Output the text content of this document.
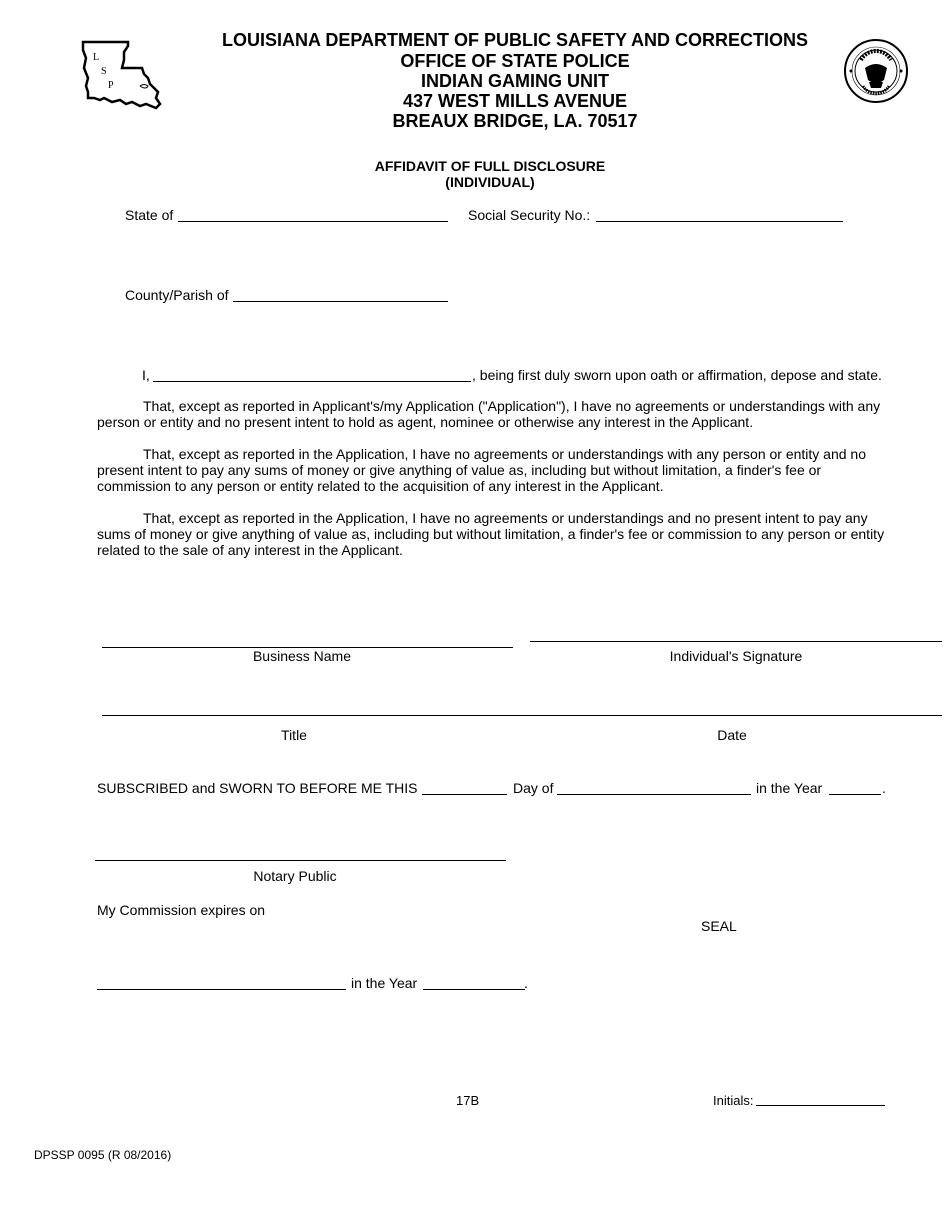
L
S
P
LOUISIANA DEPARTMENT OF PUBLIC SAFETY AND CORRECTIONS
OFFICE OF STATE POLICE
INDIAN GAMING UNIT
437 WEST MILLS AVENUE
BREAUX BRIDGE, LA. 70517
AFFIDAVIT OF FULL DISCLOSURE
(INDIVIDUAL)
State of	Social Security No.:
County/Parish of
I,	, being first duly sworn upon oath or affirmation, depose and state.
That, except as reported in Applicant's/my Application ("Application"), I have no agreements or understandings with any person or entity and no present intent to hold as agent, nominee or otherwise any interest in the Applicant.
That, except as reported in the Application, I have no agreements or understandings with any person or entity and no present intent to pay any sums of money or give anything of value as, including but without limitation, a finder's fee or commission to any person or entity related to the acquisition of any interest in the Applicant.
That, except as reported in the Application, I have no agreements or understandings and no present intent to pay any sums of money or give anything of value as, including but without limitation, a finder's fee or commission to any person or entity related to the sale of any interest in the Applicant.
Business Name	Individual's Signature
Title	Date
SUBSCRIBED and SWORN TO BEFORE ME THIS	Day of	in the Year	.
Notary Public
My Commission expires on
SEAL
in the Year	.
17B	Initials:
DPSSP 0095 (R 08/2016)
